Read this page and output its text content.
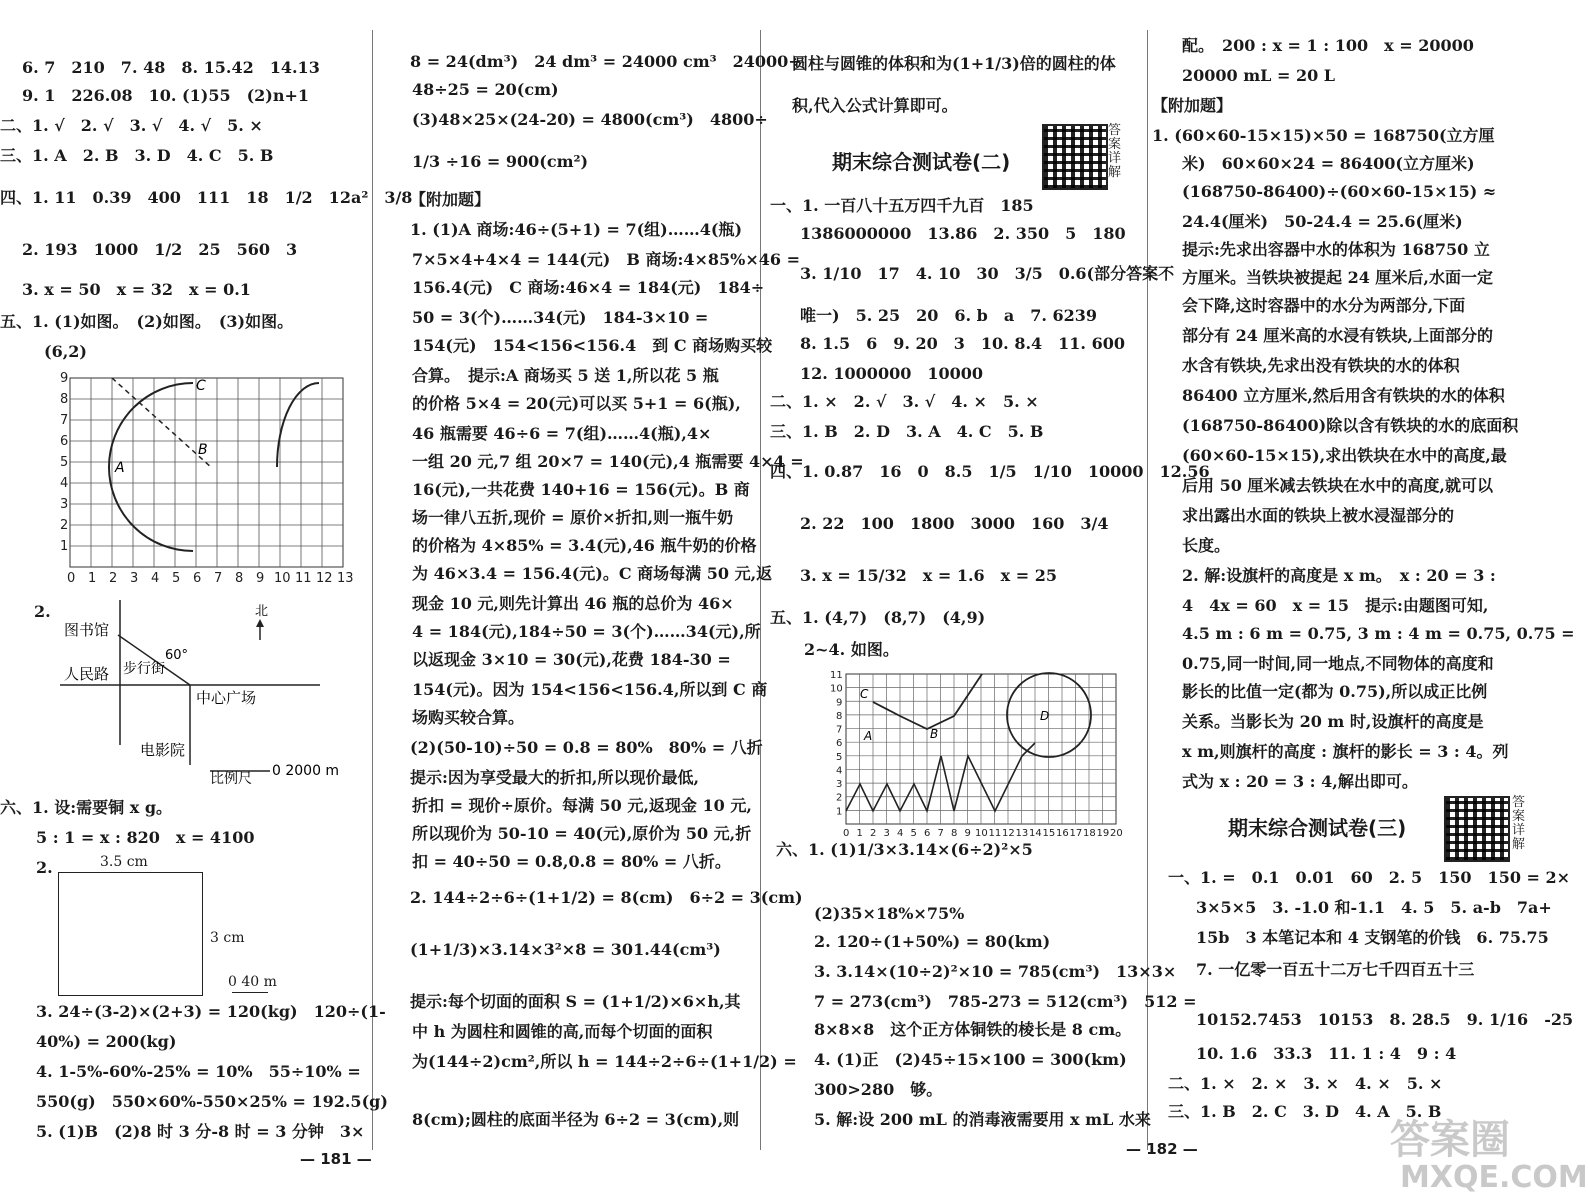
6. 7　210　7. 48　8. 15.42　14.13
9. 1　226.08　10. (1)55　(2)n+1
二、1. √　2. √　3. √　4. √　5. ×
三、1. A　2. B　3. D　4. C　5. B
四、1. 11　0.39　400　111　18　1/2　12a²　3/8
2. 193　1000　1/2　25　560　3
3. x = 50　x = 32　x = 0.1
五、1. (1)如图。　(2)如图。　(3)如图。
(6,2)
0 1 2 3 4 5 6 7 8 9 10 11 12 13
1
2
3
4
5
6
7
8
9
A
B
C
2.
图书馆
人民路
中心广场
电影院
北
60°
步行街
比例尺 0 2000 m
六、1. 设:需要铜 x g。
5 : 1 = x : 820　x = 4100
2.	3.5 cm
3 cm
0 40 m
3. 24÷(3-2)×(2+3) = 120(kg)　120÷(1-
40%) = 200(kg)
4. 1-5%-60%-25% = 10%　55÷10% =
550(g)　550×60%-550×25% = 192.5(g)
5. (1)B　(2)8 时 3 分-8 时 = 3 分钟　3×
8 = 24(dm³)　24 dm³ = 24000 cm³　24000÷
48÷25 = 20(cm)
(3)48×25×(24-20) = 4800(cm³)　4800÷
1/3 ÷16 = 900(cm²)
【附加题】
1. (1)A 商场:46÷(5+1) = 7(组)……4(瓶)
7×5×4+4×4 = 144(元)　B 商场:4×85%×46 =
156.4(元)　C 商场:46×4 = 184(元)　184÷
50 = 3(个)……34(元)　184-3×10 =
154(元)　154<156<156.4　到 C 商场购买较
合算。　提示:A 商场买 5 送 1,所以花 5 瓶
的价格 5×4 = 20(元)可以买 5+1 = 6(瓶),
46 瓶需要 46÷6 = 7(组)……4(瓶),4×
一组 20 元,7 组 20×7 = 140(元),4 瓶需要 4×4 =
16(元),一共花费 140+16 = 156(元)。B 商
场一律八五折,现价 = 原价×折扣,则一瓶牛奶
的价格为 4×85% = 3.4(元),46 瓶牛奶的价格
为 46×3.4 = 156.4(元)。C 商场每满 50 元,返
现金 10 元,则先计算出 46 瓶的总价为 46×
4 = 184(元),184÷50 = 3(个)……34(元),所
以返现金 3×10 = 30(元),花费 184-30 =
154(元)。因为 154<156<156.4,所以到 C 商
场购买较合算。
(2)(50-10)÷50 = 0.8 = 80%　80% = 八折
提示:因为享受最大的折扣,所以现价最低,
折扣 = 现价÷原价。每满 50 元,返现金 10 元,
所以现价为 50-10 = 40(元),原价为 50 元,折
扣 = 40÷50 = 0.8,0.8 = 80% = 八折。
2. 144÷2÷6÷(1+1/2) = 8(cm)　6÷2 = 3(cm)
(1+1/3)×3.14×3²×8 = 301.44(cm³)
提示:每个切面的面积 S = (1+1/2)×6×h,其
中 h 为圆柱和圆锥的高,而每个切面的面积
为(144÷2)cm²,所以 h = 144÷2÷6÷(1+1/2) =
8(cm);圆柱的底面半径为 6÷2 = 3(cm),则
— 181 —
圆柱与圆锥的体积和为(1+1/3)倍的圆柱的体
积,代入公式计算即可。
期末综合测试卷(二)
答案详解
一、1. 一百八十五万四千九百　185
1386000000　13.86　2. 350　5　180
3. 1/10　17　4. 10　30　3/5　0.6(部分答案不
唯一)　5. 25　20　6. b　a　7. 6239
8. 1.5　6　9. 20　3　10. 8.4　11. 600
12. 1000000　10000
二、1. ×　2. √　3. √　4. ×　5. ×
三、1. B　2. D　3. A　4. C　5. B
四、1. 0.87　16　0　8.5　1/5　1/10　10000　12.56
2. 22　100　1800　3000　160　3/4
3. x = 15/32　x = 1.6　x = 25
五、1. (4,7)　(8,7)　(4,9)
2~4. 如图。
0 1 2 3 4 5 6 7 8 9 10 11 12 13 14 15 16 17 18 19 20
1
2
3
4
5
6
7
8
9
10
11
C
A	B
D
六、1. (1)1/3×3.14×(6÷2)²×5
(2)35×18%×75%
2. 120÷(1+50%) = 80(km)
3. 3.14×(10÷2)²×10 = 785(cm³)　13×3×
7 = 273(cm³)　785-273 = 512(cm³)　512 =
8×8×8　这个正方体铜铁的棱长是 8 cm。
4. (1)正　(2)45÷15×100 = 300(km)
300>280　够。
5. 解:设 200 mL 的消毒液需要用 x mL 水来
— 182 —
配。　200 : x = 1 : 100　x = 20000
20000 mL = 20 L
【附加题】
1. (60×60-15×15)×50 = 168750(立方厘
米)　60×60×24 = 86400(立方厘米)
(168750-86400)÷(60×60-15×15) ≈
24.4(厘米)　50-24.4 = 25.6(厘米)
提示:先求出容器中水的体积为 168750 立
方厘米。当铁块被提起 24 厘米后,水面一定
会下降,这时容器中的水分为两部分,下面
部分有 24 厘米高的水浸有铁块,上面部分的
水含有铁块,先求出没有铁块的水的体积
86400 立方厘米,然后用含有铁块的水的体积
(168750-86400)除以含有铁块的水的底面积
(60×60-15×15),求出铁块在水中的高度,最
后用 50 厘米减去铁块在水中的高度,就可以
求出露出水面的铁块上被水浸湿部分的
长度。
2. 解:设旗杆的高度是 x m。　x : 20 = 3 :
4　4x = 60　x = 15　提示:由题图可知,
4.5 m : 6 m = 0.75, 3 m : 4 m = 0.75, 0.75 =
0.75,同一时间,同一地点,不同物体的高度和
影长的比值一定(都为 0.75),所以成正比例
关系。当影长为 20 m 时,设旗杆的高度是
x m,则旗杆的高度 : 旗杆的影长 = 3 : 4。列
式为 x : 20 = 3 : 4,解出即可。
期末综合测试卷(三)
答案详解
一、1. =　0.1　0.01　60　2. 5　150　150 = 2×
3×5×5　3. -1.0 和-1.1　4. 5　5. a-b　7a+
15b　3 本笔记本和 4 支钢笔的价钱　6. 75.75
7. 一亿零一百五十二万七千四百五十三
10152.7453　10153　8. 28.5　9. 1/16　-25
10. 1.6　33.3　11. 1 : 4　9 : 4
二、1. ×　2. ×　3. ×　4. ×　5. ×
三、1. B　2. C　3. D　4. A　5. B
答案圈
MXQE.COM
